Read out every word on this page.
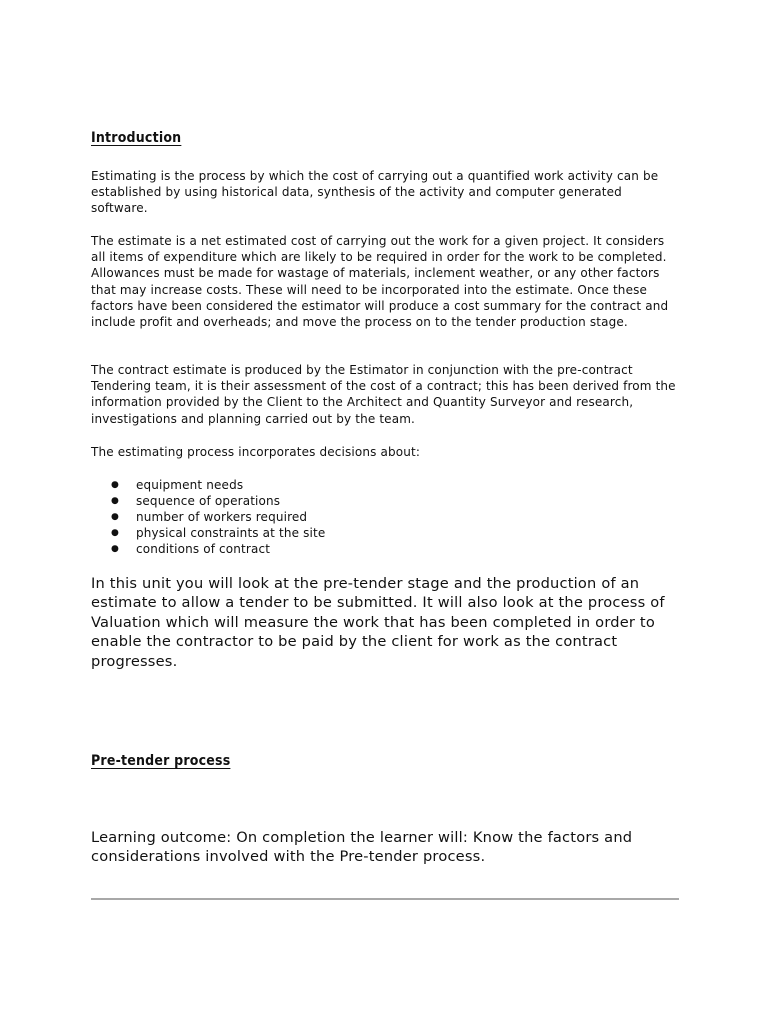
Introduction

Estimating is the process by which the cost of carrying out a quantified work activity can be established by using historical data, synthesis of the activity and computer generated software.

The estimate is a net estimated cost of carrying out the work for a given project. It considers all items of expenditure which are likely to be required in order for the work to be completed. Allowances must be made for wastage of materials, inclement weather, or any other factors that may increase costs. These will need to be incorporated into the estimate. Once these factors have been considered the estimator will produce a cost summary for the contract and include profit and overheads; and move the process on to the tender production stage.

The contract estimate is produced by the Estimator in conjunction with the pre-contract Tendering team, it is their assessment of the cost of a contract; this has been derived from the information provided by the Client to the Architect and Quantity Surveyor and research, investigations and planning carried out by the team.

The estimating process incorporates decisions about:

● equipment needs
● sequence of operations
● number of workers required
● physical constraints at the site
● conditions of contract

In this unit you will look at the pre-tender stage and the production of an estimate to allow a tender to be submitted. It will also look at the process of Valuation which will measure the work that has been completed in order to enable the contractor to be paid by the client for work as the contract progresses.

Pre-tender process

Learning outcome: On completion the learner will: Know the factors and considerations involved with the Pre-tender process.
